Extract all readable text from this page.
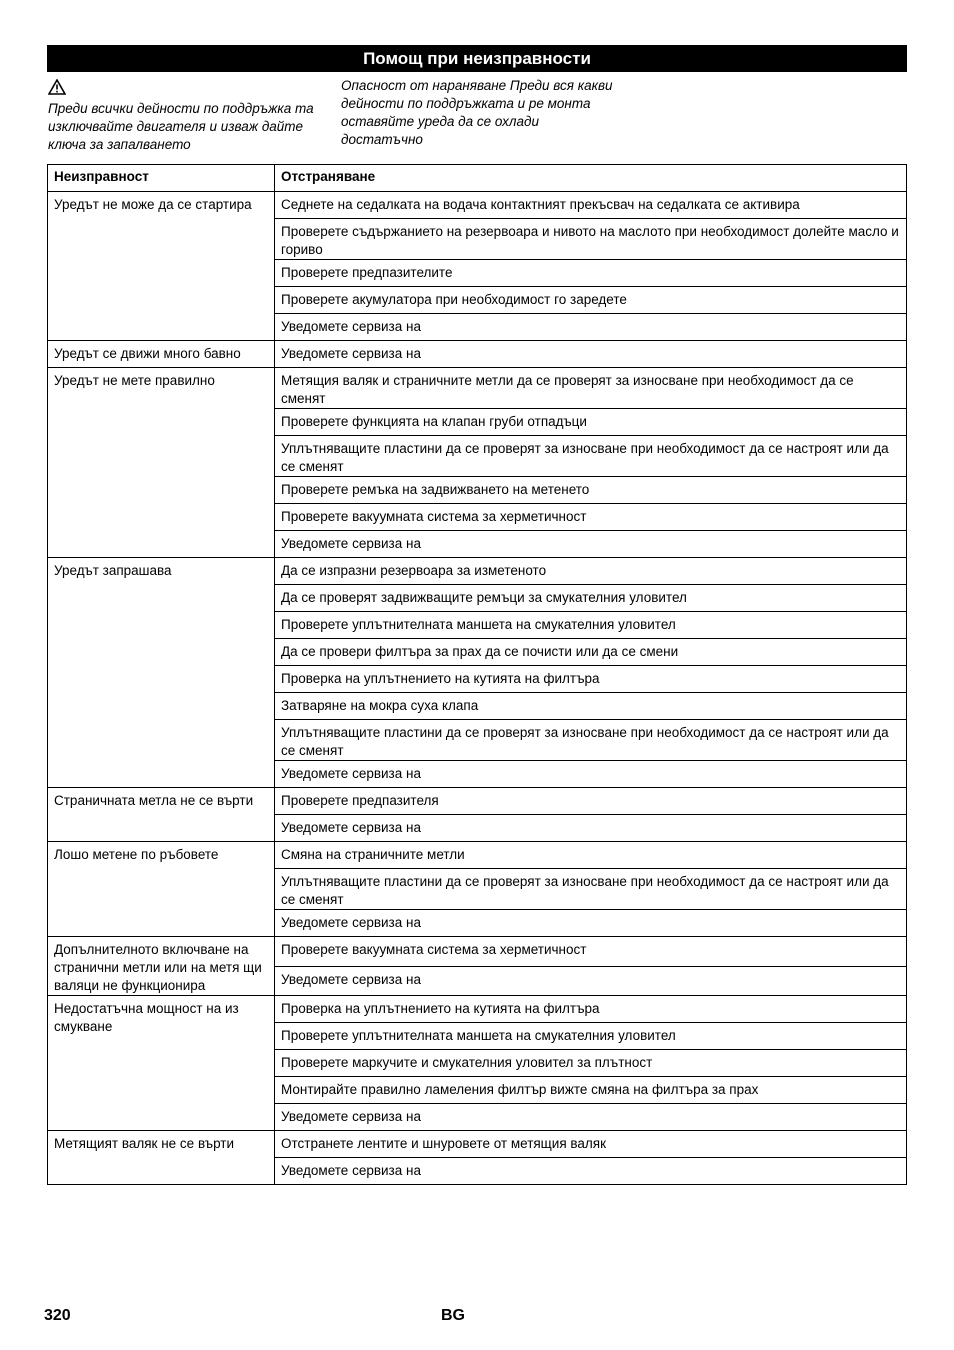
Помощ при неизправности
Преди всички дейности по поддръжка та изключвайте двигателя и изваж дайте ключа за запалването
Опасност от нараняване Преди вся какви дейности по поддръжката и ре монта оставяйте уреда да се охлади достатъчно
Неизправност	Отстраняване
Уредът не може да се стартира	Седнете на седалката на водача контактният прекъсвач на седалката се активира
	Проверете съдържанието на резервоара и нивото на маслото при необходимост долейте масло и гориво
	Проверете предпазителите
	Проверете акумулатора при необходимост го заредете
	Уведомете сервиза на
Уредът се движи много бавно	Уведомете сервиза на
Уредът не мете правилно	Метящия валяк и страничните метли да се проверят за износване при необходимост да се сменят
	Проверете функцията на клапан груби отпадъци
	Уплътняващите пластини да се проверят за износване при необходимост да се настроят или да се сменят
	Проверете ремъка на задвижването на метенето
	Проверете вакуумната система за херметичност
	Уведомете сервиза на
Уредът запрашава	Да се изпразни резервоара за изметеното
	Да се проверят задвижващите ремъци за смукателния уловител
	Проверете уплътнителната маншета на смукателния уловител
	Да се провери филтъра за прах да се почисти или да се смени
	Проверка на уплътнението на кутията на филтъра
	Затваряне на мокра суха клапа
	Уплътняващите пластини да се проверят за износване при необходимост да се настроят или да се сменят
	Уведомете сервиза на
Страничната метла не се върти	Проверете предпазителя
	Уведомете сервиза на
Лошо метене по ръбовете	Смяна на страничните метли
	Уплътняващите пластини да се проверят за износване при необходимост да се настроят или да се сменят
	Уведомете сервиза на
Допълнителното включване на странични метли или на метя щи валяци не функционира	Проверете вакуумната система за херметичност
	Уведомете сервиза на
Недостатъчна мощност на из смукване	Проверка на уплътнението на кутията на филтъра
	Проверете уплътнителната маншета на смукателния уловител
	Проверете маркучите и смукателния уловител за плътност
	Монтирайте правилно ламеления филтър вижте смяна на филтъра за прах
	Уведомете сервиза на
Метящият валяк не се върти	Отстранете лентите и шнуровете от метящия валяк
	Уведомете сервиза на
320	BG
